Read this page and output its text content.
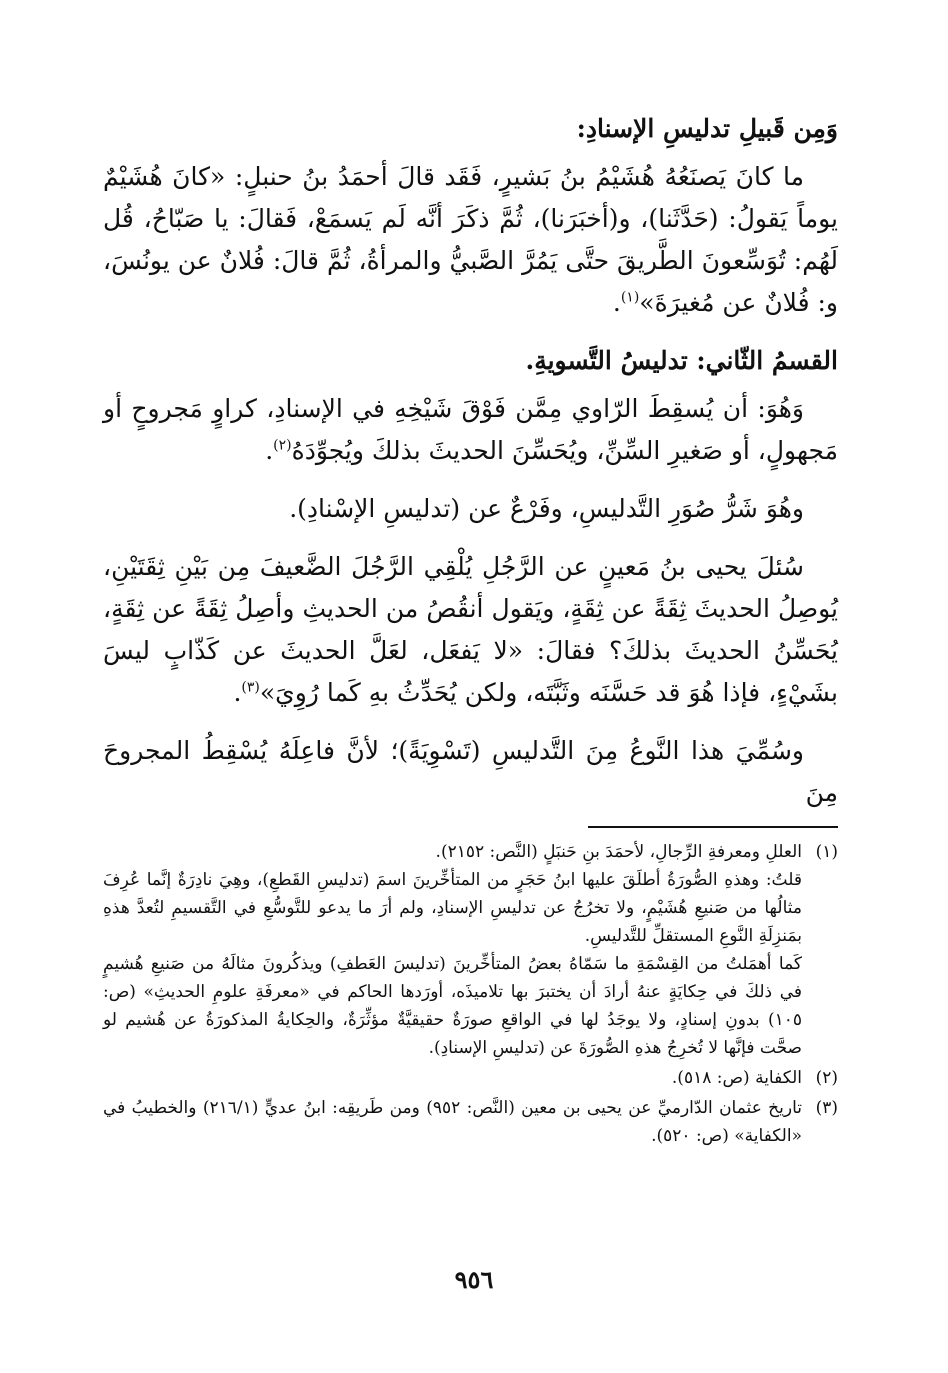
وَمِن قَبيلِ تدليسِ الإسنادِ:

ما كانَ يَصنَعُهُ هُشَيْمُ بنُ بَشيرٍ، فَقَد قالَ أحمَدُ بنُ حنبلٍ: «كانَ هُشَيْمٌ يوماً يَقولُ: (حَدَّثَنا)، و(أخبَرَنا)، ثُمَّ ذكَرَ أنَّه لَم يَسمَعْ، فَقالَ: يا صَبّاحُ، قُل لَهُم: تُوَسِّعونَ الطَّريقَ حتَّى يَمُرَّ الصَّبيُّ والمرأةُ، ثُمَّ قالَ: فُلانٌ عن يونُسَ، و: فُلانٌ عن مُغيرَةَ»$^{(١)}$.

القسمُ الثّاني: تدليسُ التَّسويةِ.

وَهُوَ: أن يُسقِطَ الرّاوي مِمَّن فَوْقَ شَيْخِهِ في الإسنادِ، كراوٍ مَجروحٍ أو مَجهولٍ، أو صَغيرِ السِّنِّ، ويُحَسِّنَ الحديثَ بذلكَ ويُجوِّدَهُ$^{(٢)}$.

وهُوَ شَرُّ صُوَرِ التَّدليسِ، وفَرْعٌ عن (تدليسِ الإسْنادِ).

سُئلَ يحيى بنُ مَعينٍ عن الرَّجُلِ يُلْقِي الرَّجُلَ الضَّعيفَ مِن بَيْنِ ثِقَتَيْنِ، يُوصِلُ الحديثَ ثِقَةً عن ثِقَةٍ، ويَقول أنقُصُ من الحديثِ وأصِلُ ثِقَةً عن ثِقَةٍ، يُحَسِّنُ الحديثَ بذلكَ؟ فقالَ: «لا يَفعَل، لعَلَّ الحديثَ عن كَذّابٍ ليسَ بشَيْءٍ، فإذا هُوَ قد حَسَّنَه وثَبَّتَه، ولكن يُحَدِّثُ بهِ كَما رُوِيَ»$^{(٣)}$.

وسُمِّيَ هذا النَّوعُ مِنَ التَّدليسِ (تَسْوِيَةً)؛ لأنَّ فاعِلَهُ يُسْقِطُ المجروحَ مِنَ

(١)

العللِ ومعرفةِ الرِّجالِ، لأحمَدَ بنِ حَنبَلٍ (النَّص: ٢١٥٢).

قلتُ: وهذهِ الصُّورَةُ أطلَقَ عليها ابنُ حَجَرٍ من المتأخِّرينَ اسمَ (تدليسِ القَطعِ)، وهِيَ نادِرَةٌ إنَّما عُرِفَ مثالُها من صَنيعِ هُشَيْمٍ، ولا تخرُجُ عن تدليسِ الإسنادِ، ولم أرَ ما يدعو للتَّوسُّعِ في التَّقسيمِ لتُعدَّ هذهِ بمَنزِلَةِ النَّوعِ المستقلِّ للتَّدليسِ.

كَما أهمَلتُ من القِسْمَةِ ما سَمّاهُ بعضُ المتأخِّرينَ (تدليسَ العَطفِ) ويذكُرونَ مثالَهُ من صَنيعِ هُشيمٍ في ذلكَ في حِكايَةٍ عنهُ أرادَ أن يختبرَ بها تلاميذَه، أورَدها الحاكم في «معرفَةِ علومِ الحديثِ» (ص: ١٠٥) بدونِ إسنادٍ، ولا يوجَدُ لها في الواقعِ صورَةٌ حقيقيَّةٌ مؤثِّرَةٌ، والحِكايةُ المذكورَةُ عن هُشيم لو صحَّت فإنَّها لا تُخرِجُ هذهِ الصُّورَةَ عن (تدليسِ الإسنادِ).

(٢)

الكفاية (ص: ٥١٨).

(٣)

تاريخ عثمان الدّارميِّ عن يحيى بن معين (النَّص: ٩٥٢) ومن طَريقِه: ابنُ عديٍّ (٢١٦/١) والخطيبُ في «الكفاية» (ص: ٥٢٠).

٩٥٦
